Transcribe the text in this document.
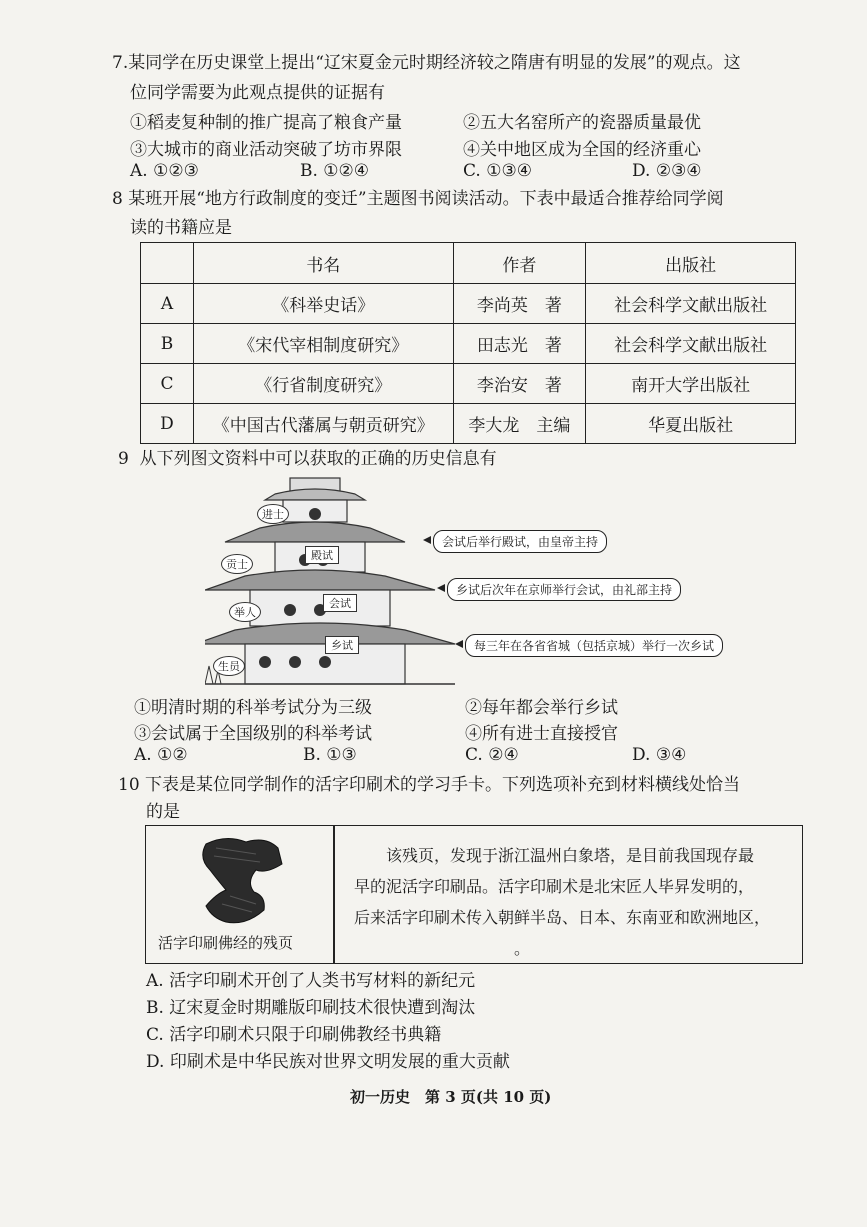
7.某同学在历史课堂上提出“辽宋夏金元时期经济较之隋唐有明显的发展”的观点。这
位同学需要为此观点提供的证据有
①稻麦复种制的推广提高了粮食产量	②五大名窑所产的瓷器质量最优
③大城市的商业活动突破了坊市界限	④关中地区成为全国的经济重心
A. ①②③	B. ①②④	C. ①③④	D. ②③④
8 某班开展“地方行政制度的变迁”主题图书阅读活动。下表中最适合推荐给同学阅
读的书籍应是
	书名	作者	出版社
A	《科举史话》	李尚英　著	社会科学文献出版社
B	《宋代宰相制度研究》	田志光　著	社会科学文献出版社
C	《行省制度研究》	李治安　著	南开大学出版社
D	《中国古代藩属与朝贡研究》	李大龙　主编	华夏出版社
9 从下列图文资料中可以获取的正确的历史信息有
进士
贡士
举人
生员
殿试
会试
乡试
会试后举行殿试，由皇帝主持
乡试后次年在京师举行会试，由礼部主持
每三年在各省省城（包括京城）举行一次乡试
①明清时期的科举考试分为三级	②每年都会举行乡试
③会试属于全国级别的科举考试	④所有进士直接授官
A. ①②	B. ①③	C. ②④	D. ③④
10 下表是某位同学制作的活字印刷术的学习手卡。下列选项补充到材料横线处恰当
的是
活字印刷佛经的残页
该残页，发现于浙江温州白象塔，是目前我国现存最
早的泥活字印刷品。活字印刷术是北宋匠人毕昇发明的，
后来活字印刷术传入朝鲜半岛、日本、东南亚和欧洲地区，
。
A. 活字印刷术开创了人类书写材料的新纪元
B. 辽宋夏金时期雕版印刷技术很快遭到淘汰
C. 活字印刷术只限于印刷佛教经书典籍
D. 印刷术是中华民族对世界文明发展的重大贡献
初一历史　第 3 页(共 10 页)
